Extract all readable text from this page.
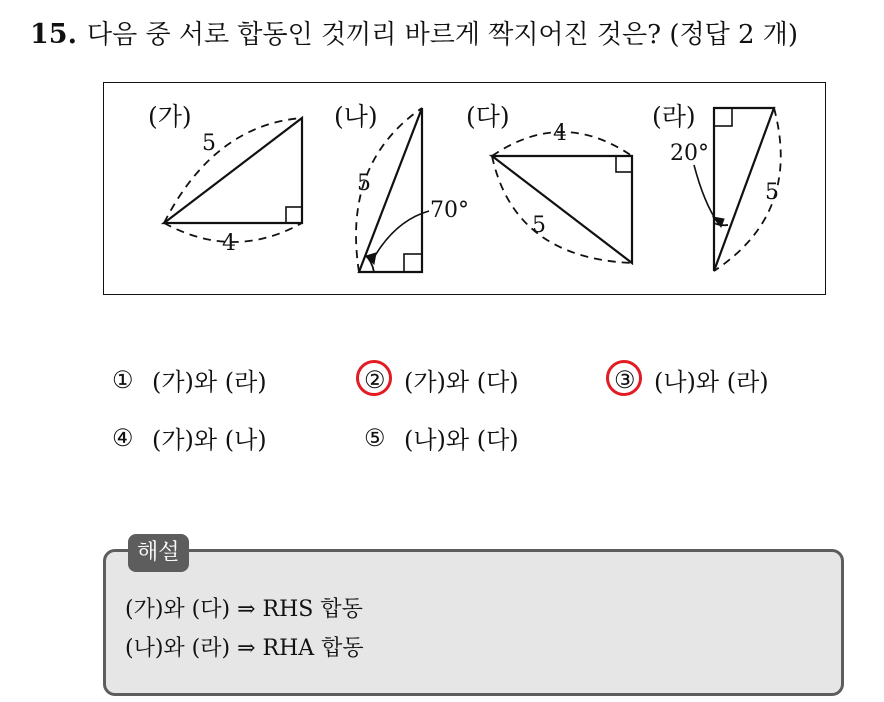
15. 다음 중 서로 합동인 것끼리 바르게 짝지어진 것은? (정답 2 개)
(가)
5
4
(나)
5
70°
(다)
4
5
(라)
20°
5
① (가)와 (라)	② (가)와 (다)	③ (나)와 (라)
④ (가)와 (나)	⑤ (나)와 (다)
해설
(가)와 (다) ⇒ RHS 합동
(나)와 (라) ⇒ RHA 합동
